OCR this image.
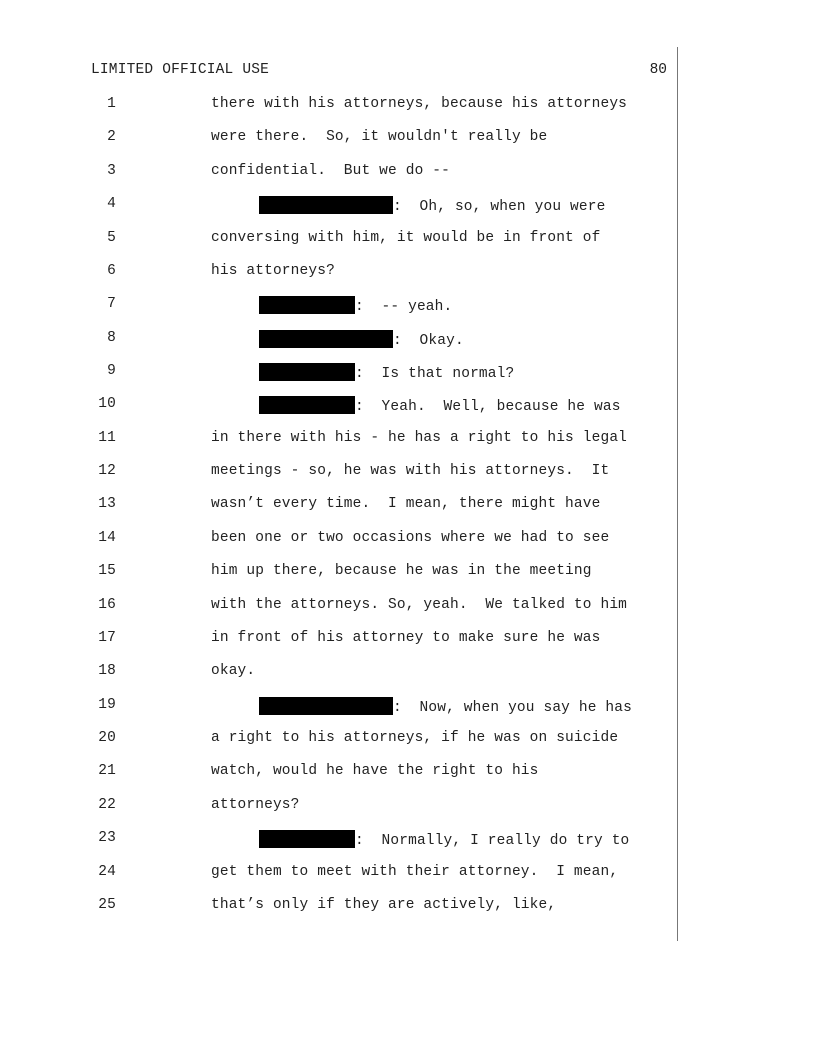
LIMITED OFFICIAL USE	80
1	there with his attorneys, because his attorneys
2	were there.  So, it wouldn't really be
3	confidential.  But we do --
4	:  Oh, so, when you were
5	conversing with him, it would be in front of
6	his attorneys?
7	:  -- yeah.
8	:  Okay.
9	:  Is that normal?
10	:  Yeah.  Well, because he was
11	in there with his - he has a right to his legal
12	meetings - so, he was with his attorneys.  It
13	wasn’t every time.  I mean, there might have
14	been one or two occasions where we had to see
15	him up there, because he was in the meeting
16	with the attorneys. So, yeah.  We talked to him
17	in front of his attorney to make sure he was
18	okay.
19	:  Now, when you say he has
20	a right to his attorneys, if he was on suicide
21	watch, would he have the right to his
22	attorneys?
23	:  Normally, I really do try to
24	get them to meet with their attorney.  I mean,
25	that’s only if they are actively, like,
